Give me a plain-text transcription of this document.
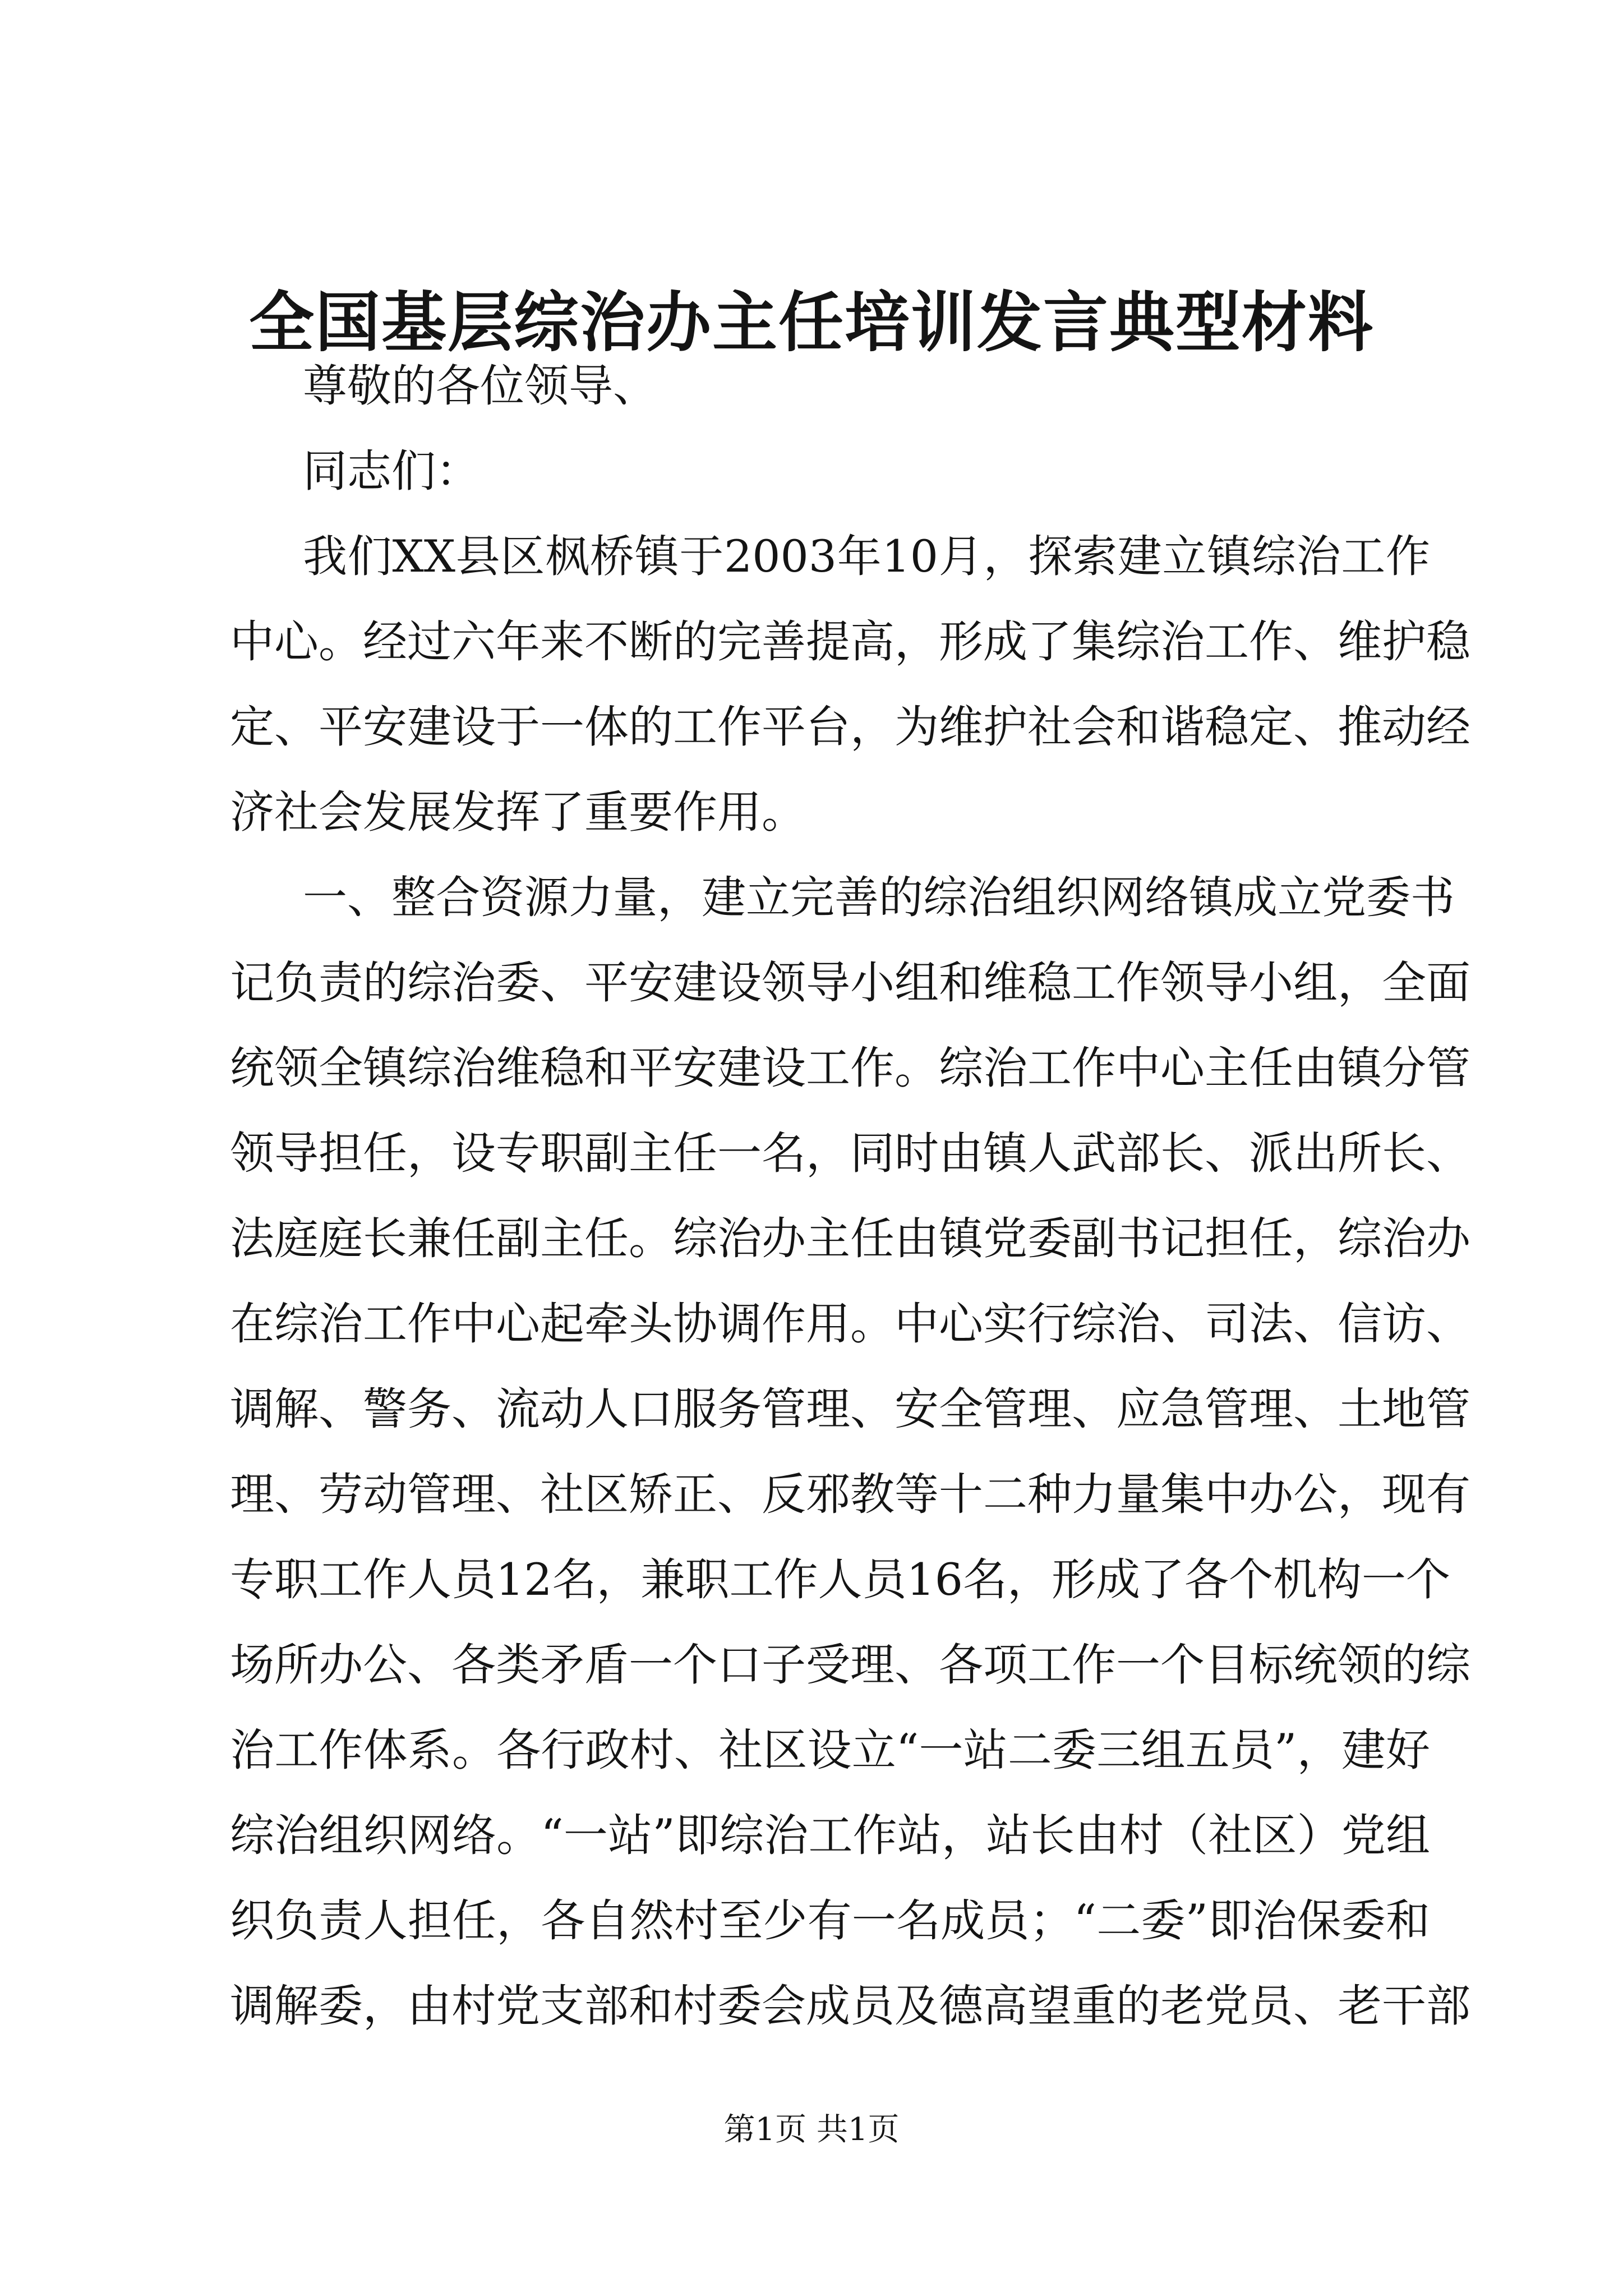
全国基层综治办主任培训发言典型材料
尊敬的各位领导、
同志们：
我们XX县区枫桥镇于2003年10月，探索建立镇综治工作
中心。经过六年来不断的完善提高，形成了集综治工作、维护稳
定、平安建设于一体的工作平台，为维护社会和谐稳定、推动经
济社会发展发挥了重要作用。
一、整合资源力量，建立完善的综治组织网络镇成立党委书
记负责的综治委、平安建设领导小组和维稳工作领导小组，全面
统领全镇综治维稳和平安建设工作。综治工作中心主任由镇分管
领导担任，设专职副主任一名，同时由镇人武部长、派出所长、
法庭庭长兼任副主任。综治办主任由镇党委副书记担任，综治办
在综治工作中心起牵头协调作用。中心实行综治、司法、信访、
调解、警务、流动人口服务管理、安全管理、应急管理、土地管
理、劳动管理、社区矫正、反邪教等十二种力量集中办公，现有
专职工作人员12名，兼职工作人员16名，形成了各个机构一个
场所办公、各类矛盾一个口子受理、各项工作一个目标统领的综
治工作体系。各行政村、社区设立“一站二委三组五员”，建好
综治组织网络。“一站”即综治工作站，站长由村（社区）党组
织负责人担任，各自然村至少有一名成员；“二委”即治保委和
调解委，由村党支部和村委会成员及德高望重的老党员、老干部
第1页 共1页
